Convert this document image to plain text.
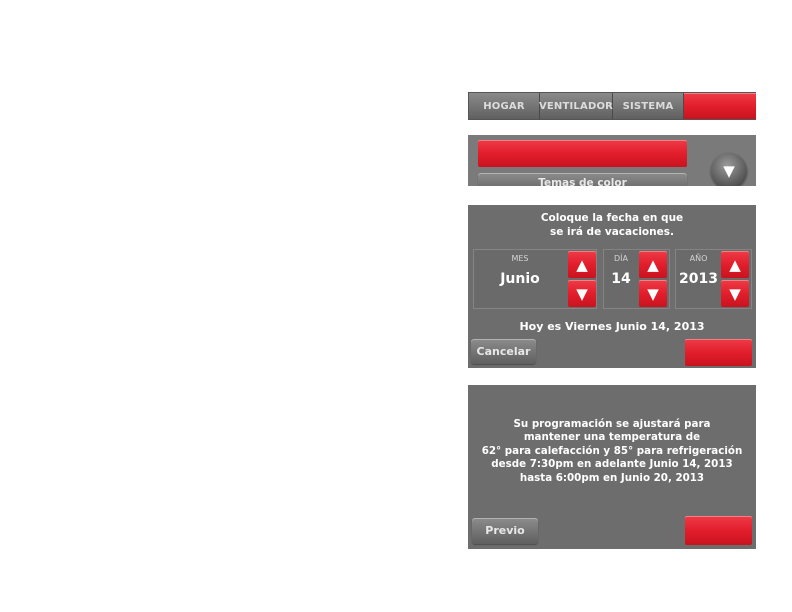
HOGAR	VENTILADOR SISTEMA
Temas de color
▼
Coloque la fecha en que
se irá de vacaciones.
MES
Junio
▲
▼
DÍA
14
▲
▼
AÑO
2013
▲
▼
Hoy es Viernes Junio 14, 2013
Cancelar
Su programación se ajustará para
mantener una temperatura de
62° para calefacción y 85° para refrigeración
desde 7:30pm en adelante Junio 14, 2013
hasta 6:00pm en Junio 20, 2013
Previo
